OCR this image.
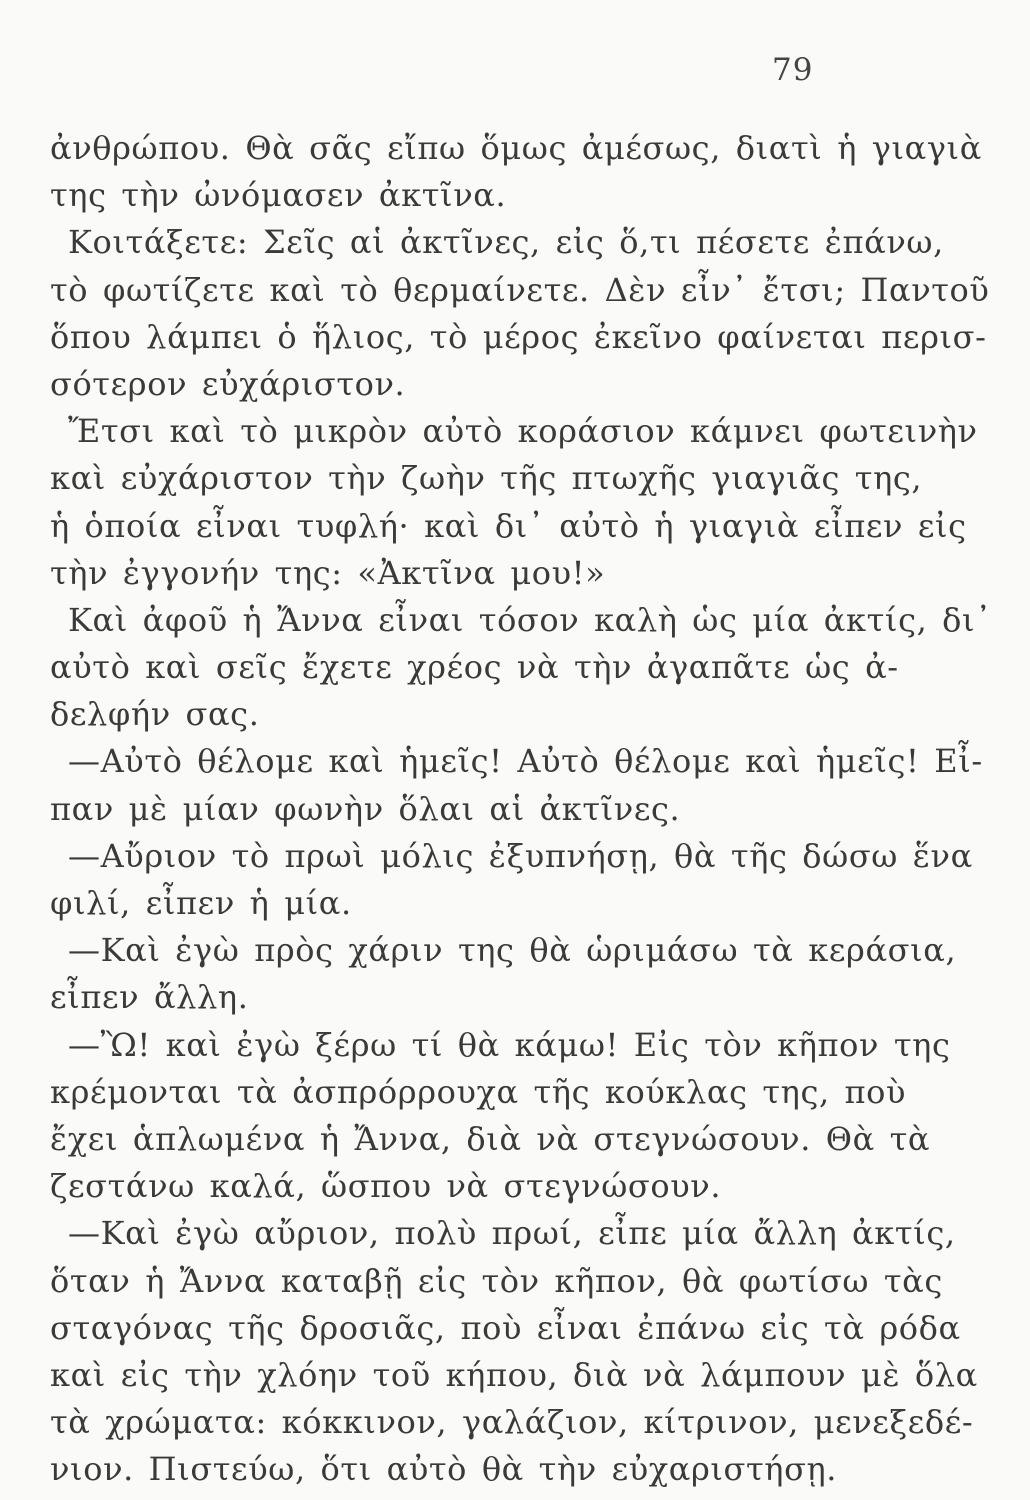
79
ἀνθρώπου. Θὰ σᾶς εἴπω ὅμως ἀμέσως, διατὶ ἡ γιαγιὰ
της τὴν ὠνόμασεν ἀκτῖνα.
Κοιτάξετε: Σεῖς αἱ ἀκτῖνες, εἰς ὅ,τι πέσετε ἐπάνω,
τὸ φωτίζετε καὶ τὸ θερμαίνετε. Δὲν εἶν᾽ ἔτσι; Παντοῦ
ὅπου λάμπει ὁ ἥλιος, τὸ μέρος ἐκεῖνο φαίνεται περισ-
σότερον εὐχάριστον.
Ἔτσι καὶ τὸ μικρὸν αὐτὸ κοράσιον κάμνει φωτεινὴν
καὶ εὐχάριστον τὴν ζωὴν τῆς πτωχῆς γιαγιᾶς της,
ἡ ὁποία εἶναι τυφλή· καὶ δι᾽ αὐτὸ ἡ γιαγιὰ εἶπεν εἰς
τὴν ἐγγονήν της: «Ἀκτῖνα μου!»
Καὶ ἀφοῦ ἡ Ἄννα εἶναι τόσον καλὴ ὡς μία ἀκτίς, δι᾽
αὐτὸ καὶ σεῖς ἔχετε χρέος νὰ τὴν ἀγαπᾶτε ὡς ἀ-
δελφήν σας.
—Αὐτὸ θέλομε καὶ ἡμεῖς! Αὐτὸ θέλομε καὶ ἡμεῖς! Εἶ-
παν μὲ μίαν φωνὴν ὅλαι αἱ ἀκτῖνες.
—Αὔριον τὸ πρωὶ μόλις ἐξυπνήσῃ, θὰ τῆς δώσω ἕνα
φιλί, εἶπεν ἡ μία.
—Καὶ ἐγὼ πρὸς χάριν της θὰ ὡριμάσω τὰ κεράσια,
εἶπεν ἄλλη.
—Ὢ! καὶ ἐγὼ ξέρω τί θὰ κάμω! Εἰς τὸν κῆπον της
κρέμονται τὰ ἀσπρόρρουχα τῆς κούκλας της, ποὺ
ἔχει ἁπλωμένα ἡ Ἄννα, διὰ νὰ στεγνώσουν. Θὰ τὰ
ζεστάνω καλά, ὥσπου νὰ στεγνώσουν.
—Καὶ ἐγὼ αὔριον, πολὺ πρωί, εἶπε μία ἄλλη ἀκτίς,
ὅταν ἡ Ἄννα καταβῇ εἰς τὸν κῆπον, θὰ φωτίσω τὰς
σταγόνας τῆς δροσιᾶς, ποὺ εἶναι ἐπάνω εἰς τὰ ρόδα
καὶ εἰς τὴν χλόην τοῦ κήπου, διὰ νὰ λάμπουν μὲ ὅλα
τὰ χρώματα: κόκκινον, γαλάζιον, κίτρινον, μενεξεδέ-
νιον. Πιστεύω, ὅτι αὐτὸ θὰ τὴν εὐχαριστήσῃ.
